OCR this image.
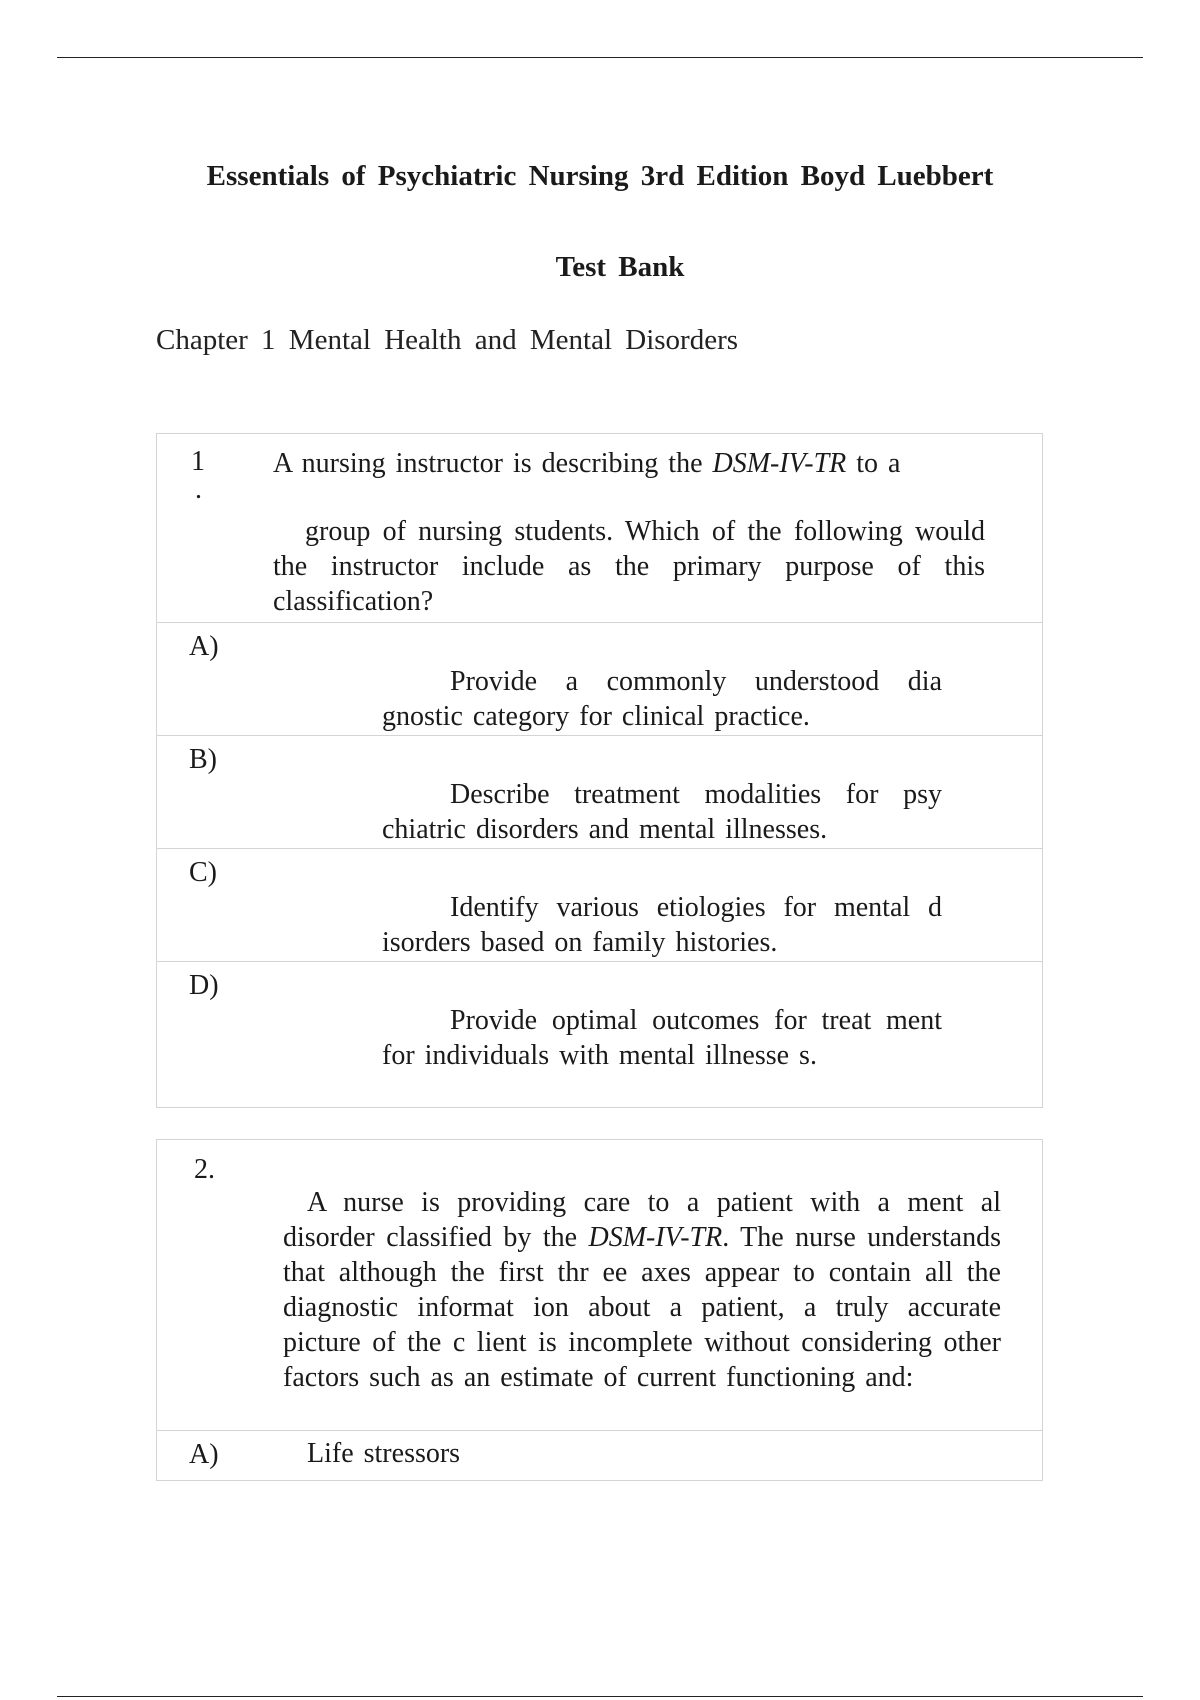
Essentials of Psychiatric Nursing 3rd Edition Boyd Luebbert
Test Bank
Chapter 1 Mental Health and Mental Disorders
1
.
A nursing instructor is describing the DSM-IV-TR to a
group of nursing students. Which of the following would the instructor include as the primary purpose of this classification?
A)
Provide a commonly understood dia gnostic category for clinical practice.
B)
Describe treatment modalities for psy chiatric disorders and mental illnesses.
C)
Identify various etiologies for mental d isorders based on family histories.
D)
Provide optimal outcomes for treat ment for individuals with mental illnesse s.
2.
A nurse is providing care to a patient with a ment al disorder classified by the DSM-IV-TR. The nurse understands that although the first thr ee axes appear to contain all the diagnostic informat ion about a patient, a truly accurate picture of the c lient is incomplete without considering other factors such as an estimate of current functioning and:
A)	Life stressors
